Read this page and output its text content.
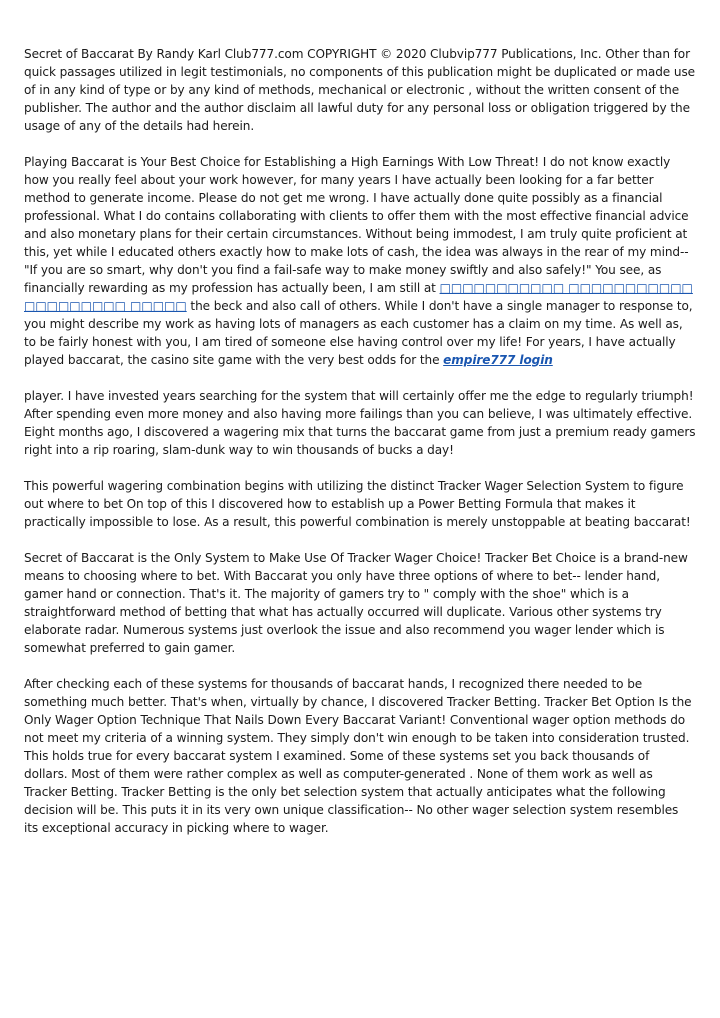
Secret of Baccarat By Randy Karl Club777.com COPYRIGHT © 2020 Clubvip777 Publications, Inc. Other than for quick passages utilized in legit testimonials, no components of this publication might be duplicated or made use of in any kind of type or by any kind of methods, mechanical or electronic , without the written consent of the publisher. The author and the author disclaim all lawful duty for any personal loss or obligation triggered by the usage of any of the details had herein.

Playing Baccarat is Your Best Choice for Establishing a High Earnings With Low Threat! I do not know exactly how you really feel about your work however, for many years I have actually been looking for a far better method to generate income. Please do not get me wrong. I have actually done quite possibly as a financial professional. What I do contains collaborating with clients to offer them with the most effective financial advice and also monetary plans for their certain circumstances. Without being immodest, I am truly quite proficient at this, yet while I educated others exactly how to make lots of cash, the idea was always in the rear of my mind-- "If you are so smart, why don't you find a fail-safe way to make money swiftly and also safely!" You see, as financially rewarding as my profession has actually been, I am still at □□□□□□□□□□□ □□□□□□□□□□□ □□□□□□□□□ □□□□□ the beck and also call of others. While I don't have a single manager to response to, you might describe my work as having lots of managers as each customer has a claim on my time. As well as, to be fairly honest with you, I am tired of someone else having control over my life! For years, I have actually played baccarat, the casino site game with the very best odds for the empire777 login

player. I have invested years searching for the system that will certainly offer me the edge to regularly triumph! After spending even more money and also having more failings than you can believe, I was ultimately effective. Eight months ago, I discovered a wagering mix that turns the baccarat game from just a premium ready gamers right into a rip roaring, slam-dunk way to win thousands of bucks a day!

This powerful wagering combination begins with utilizing the distinct Tracker Wager Selection System to figure out where to bet On top of this I discovered how to establish up a Power Betting Formula that makes it practically impossible to lose. As a result, this powerful combination is merely unstoppable at beating baccarat!

Secret of Baccarat is the Only System to Make Use Of Tracker Wager Choice! Tracker Bet Choice is a brand-new means to choosing where to bet. With Baccarat you only have three options of where to bet-- lender hand, gamer hand or connection. That's it. The majority of gamers try to " comply with the shoe" which is a straightforward method of betting that what has actually occurred will duplicate. Various other systems try elaborate radar. Numerous systems just overlook the issue and also recommend you wager lender which is somewhat preferred to gain gamer.

After checking each of these systems for thousands of baccarat hands, I recognized there needed to be something much better. That's when, virtually by chance, I discovered Tracker Betting. Tracker Bet Option Is the Only Wager Option Technique That Nails Down Every Baccarat Variant! Conventional wager option methods do not meet my criteria of a winning system. They simply don't win enough to be taken into consideration trusted. This holds true for every baccarat system I examined. Some of these systems set you back thousands of dollars. Most of them were rather complex as well as computer-generated . None of them work as well as Tracker Betting. Tracker Betting is the only bet selection system that actually anticipates what the following decision will be. This puts it in its very own unique classification-- No other wager selection system resembles its exceptional accuracy in picking where to wager.
